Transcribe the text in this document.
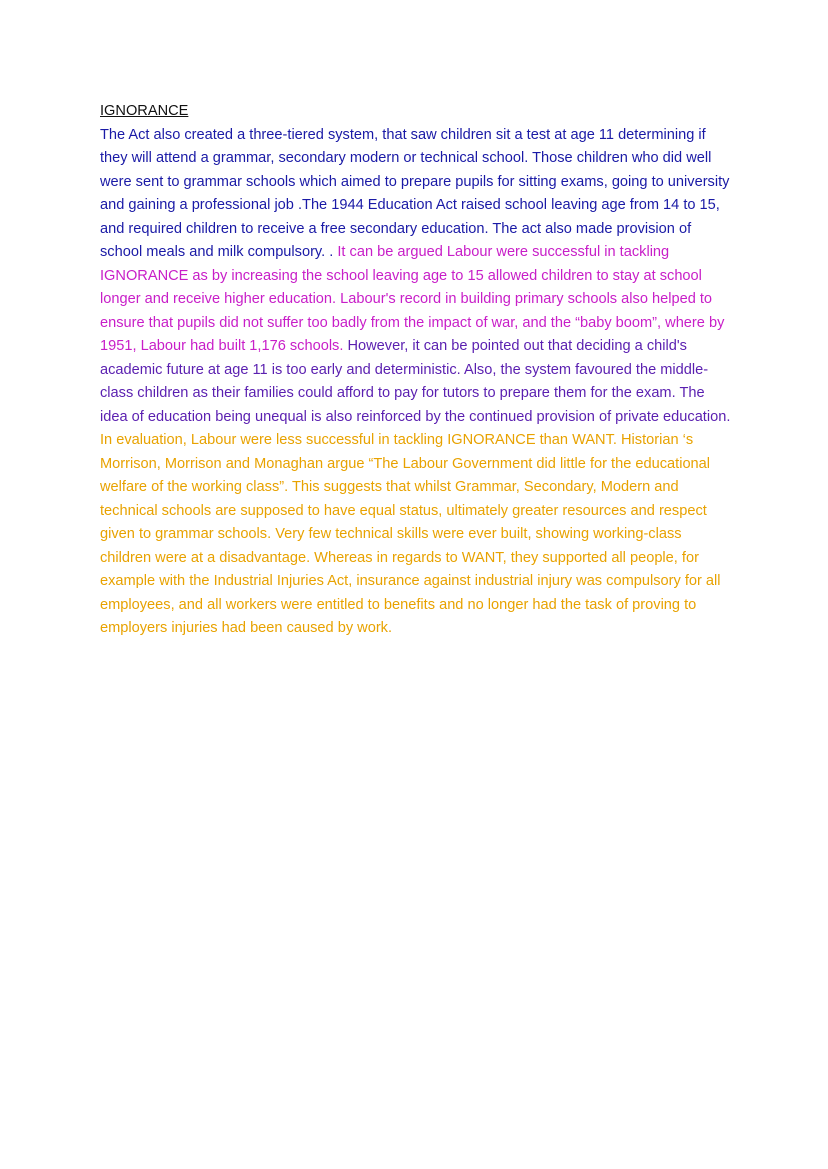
IGNORANCE

The Act also created a three-tiered system, that saw children sit a test at age 11 determining if they will attend a grammar, secondary modern or technical school. Those children who did well were sent to grammar schools which aimed to prepare pupils for sitting exams, going to university and gaining a professional job .The 1944 Education Act raised school leaving age from 14 to 15, and required children to receive a free secondary education. The act also made provision of school meals and milk compulsory. . It can be argued Labour were successful in tackling IGNORANCE as by increasing the school leaving age to 15 allowed children to stay at school longer and receive higher education. Labour's record in building primary schools also helped to ensure that pupils did not suffer too badly from the impact of war, and the “baby boom”, where by 1951, Labour had built 1,176 schools. However, it can be pointed out that deciding a child's academic future at age 11 is too early and deterministic. Also, the system favoured the middle-class children as their families could afford to pay for tutors to prepare them for the exam. The idea of education being unequal is also reinforced by the continued provision of private education. In evaluation, Labour were less successful in tackling IGNORANCE than WANT. Historian ‘s Morrison, Morrison and Monaghan argue “The Labour Government did little for the educational welfare of the working class”. This suggests that whilst Grammar, Secondary, Modern and technical schools are supposed to have equal status, ultimately greater resources and respect given to grammar schools. Very few technical skills were ever built, showing working-class children were at a disadvantage. Whereas in regards to WANT, they supported all people, for example with the Industrial Injuries Act, insurance against industrial injury was compulsory for all employees, and all workers were entitled to benefits and no longer had the task of proving to employers injuries had been caused by work.
